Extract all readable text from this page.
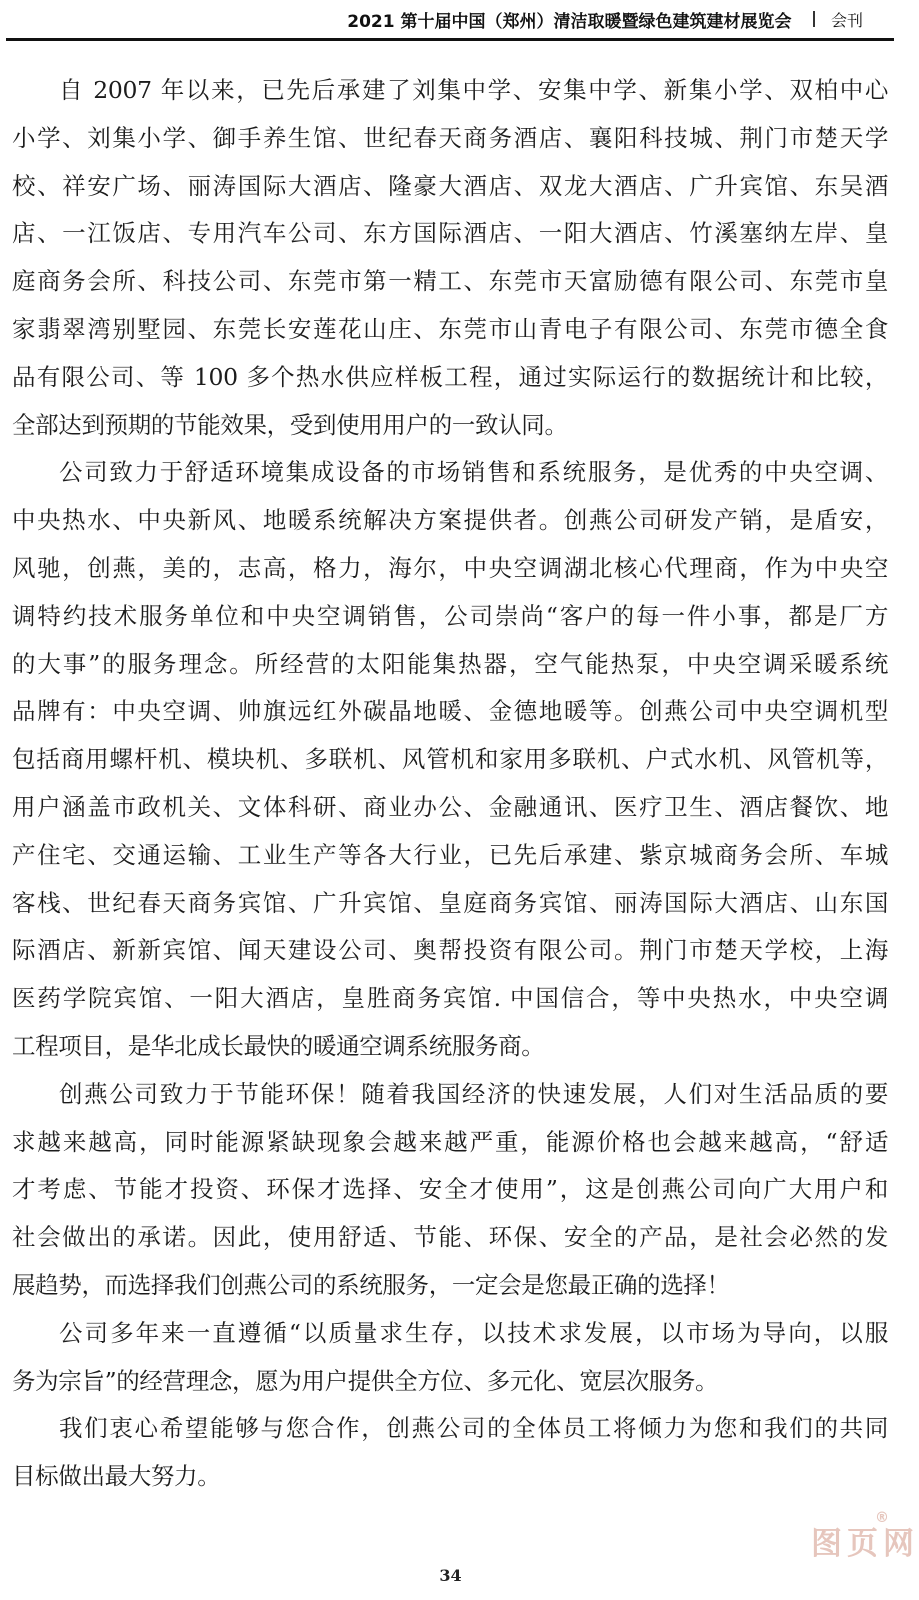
2021 第十届中国（郑州）清洁取暖暨绿色建筑建材展览会 会刊
自 2007 年以来，已先后承建了刘集中学、安集中学、新集小学、双柏中心
小学、刘集小学、御手养生馆、世纪春天商务酒店、襄阳科技城、荆门市楚天学
校、祥安广场、丽涛国际大酒店、隆豪大酒店、双龙大酒店、广升宾馆、东吴酒
店、一江饭店、专用汽车公司、东方国际酒店、一阳大酒店、竹溪塞纳左岸、皇
庭商务会所、科技公司、东莞市第一精工、东莞市天富励德有限公司、东莞市皇
家翡翠湾别墅园、东莞长安莲花山庄、东莞市山青电子有限公司、东莞市德全食
品有限公司、等 100 多个热水供应样板工程，通过实际运行的数据统计和比较，
全部达到预期的节能效果，受到使用用户的一致认同。
公司致力于舒适环境集成设备的市场销售和系统服务，是优秀的中央空调、
中央热水、中央新风、地暖系统解决方案提供者。创燕公司研发产销，是盾安，
风驰，创燕，美的，志高，格力，海尔，中央空调湖北核心代理商，作为中央空
调特约技术服务单位和中央空调销售，公司崇尚“客户的每一件小事，都是厂方
的大事”的服务理念。所经营的太阳能集热器，空气能热泵，中央空调采暖系统
品牌有：中央空调、帅旗远红外碳晶地暖、金德地暖等。创燕公司中央空调机型
包括商用螺杆机、模块机、多联机、风管机和家用多联机、户式水机、风管机等，
用户涵盖市政机关、文体科研、商业办公、金融通讯、医疗卫生、酒店餐饮、地
产住宅、交通运输、工业生产等各大行业，已先后承建、紫京城商务会所、车城
客栈、世纪春天商务宾馆、广升宾馆、皇庭商务宾馆、丽涛国际大酒店、山东国
际酒店、新新宾馆、闻天建设公司、奥帮投资有限公司。荆门市楚天学校，上海
医药学院宾馆、一阳大酒店，皇胜商务宾馆. 中国信合，等中央热水，中央空调
工程项目，是华北成长最快的暖通空调系统服务商。
创燕公司致力于节能环保！随着我国经济的快速发展，人们对生活品质的要
求越来越高，同时能源紧缺现象会越来越严重，能源价格也会越来越高，“舒适
才考虑、节能才投资、环保才选择、安全才使用”，这是创燕公司向广大用户和
社会做出的承诺。因此，使用舒适、节能、环保、安全的产品，是社会必然的发
展趋势，而选择我们创燕公司的系统服务，一定会是您最正确的选择！
公司多年来一直遵循“以质量求生存，以技术求发展，以市场为导向，以服
务为宗旨”的经营理念，愿为用户提供全方位、多元化、宽层次服务。
我们衷心希望能够与您合作，创燕公司的全体员工将倾力为您和我们的共同
目标做出最大努力。
34
图页网
®
